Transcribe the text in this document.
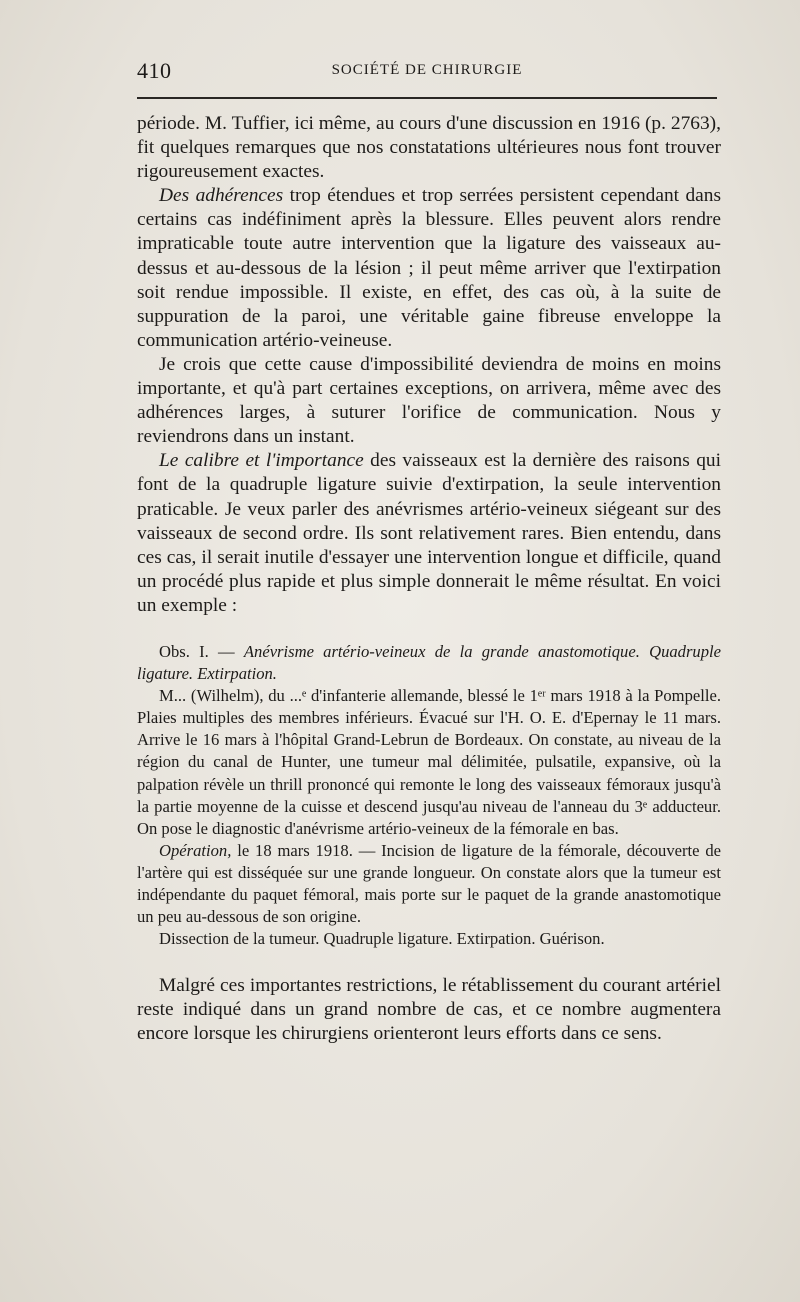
410	SOCIÉTÉ DE CHIRURGIE

période. M. Tuffier, ici même, au cours d'une discussion en 1916 (p. 2763), fit quelques remarques que nos constatations ultérieures nous font trouver rigoureusement exactes.

Des adhérences trop étendues et trop serrées persistent cependant dans certains cas indéfiniment après la blessure. Elles peuvent alors rendre impraticable toute autre intervention que la ligature des vaisseaux au-dessus et au-dessous de la lésion ; il peut même arriver que l'extirpation soit rendue impossible. Il existe, en effet, des cas où, à la suite de suppuration de la paroi, une véritable gaine fibreuse enveloppe la communication artério-veineuse.

Je crois que cette cause d'impossibilité deviendra de moins en moins importante, et qu'à part certaines exceptions, on arrivera, même avec des adhérences larges, à suturer l'orifice de communication. Nous y reviendrons dans un instant.

Le calibre et l'importance des vaisseaux est la dernière des raisons qui font de la quadruple ligature suivie d'extirpation, la seule intervention praticable. Je veux parler des anévrismes artério-veineux siégeant sur des vaisseaux de second ordre. Ils sont relativement rares. Bien entendu, dans ces cas, il serait inutile d'essayer une intervention longue et difficile, quand un procédé plus rapide et plus simple donnerait le même résultat. En voici un exemple :

Obs. I. — Anévrisme artério-veineux de la grande anastomotique. Quadruple ligature. Extirpation.

M... (Wilhelm), du ...ᵉ d'infanterie allemande, blessé le 1ᵉʳ mars 1918 à la Pompelle. Plaies multiples des membres inférieurs. Évacué sur l'H. O. E. d'Epernay le 11 mars. Arrive le 16 mars à l'hôpital Grand-Lebrun de Bordeaux. On constate, au niveau de la région du canal de Hunter, une tumeur mal délimitée, pulsatile, expansive, où la palpation révèle un thrill prononcé qui remonte le long des vaisseaux fémoraux jusqu'à la partie moyenne de la cuisse et descend jusqu'au niveau de l'anneau du 3ᵉ adducteur. On pose le diagnostic d'anévrisme artério-veineux de la fémorale en bas.

Opération, le 18 mars 1918. — Incision de ligature de la fémorale, découverte de l'artère qui est disséquée sur une grande longueur. On constate alors que la tumeur est indépendante du paquet fémoral, mais porte sur le paquet de la grande anastomotique un peu au-dessous de son origine.

Dissection de la tumeur. Quadruple ligature. Extirpation. Guérison.

Malgré ces importantes restrictions, le rétablissement du courant artériel reste indiqué dans un grand nombre de cas, et ce nombre augmentera encore lorsque les chirurgiens orienteront leurs efforts dans ce sens.
